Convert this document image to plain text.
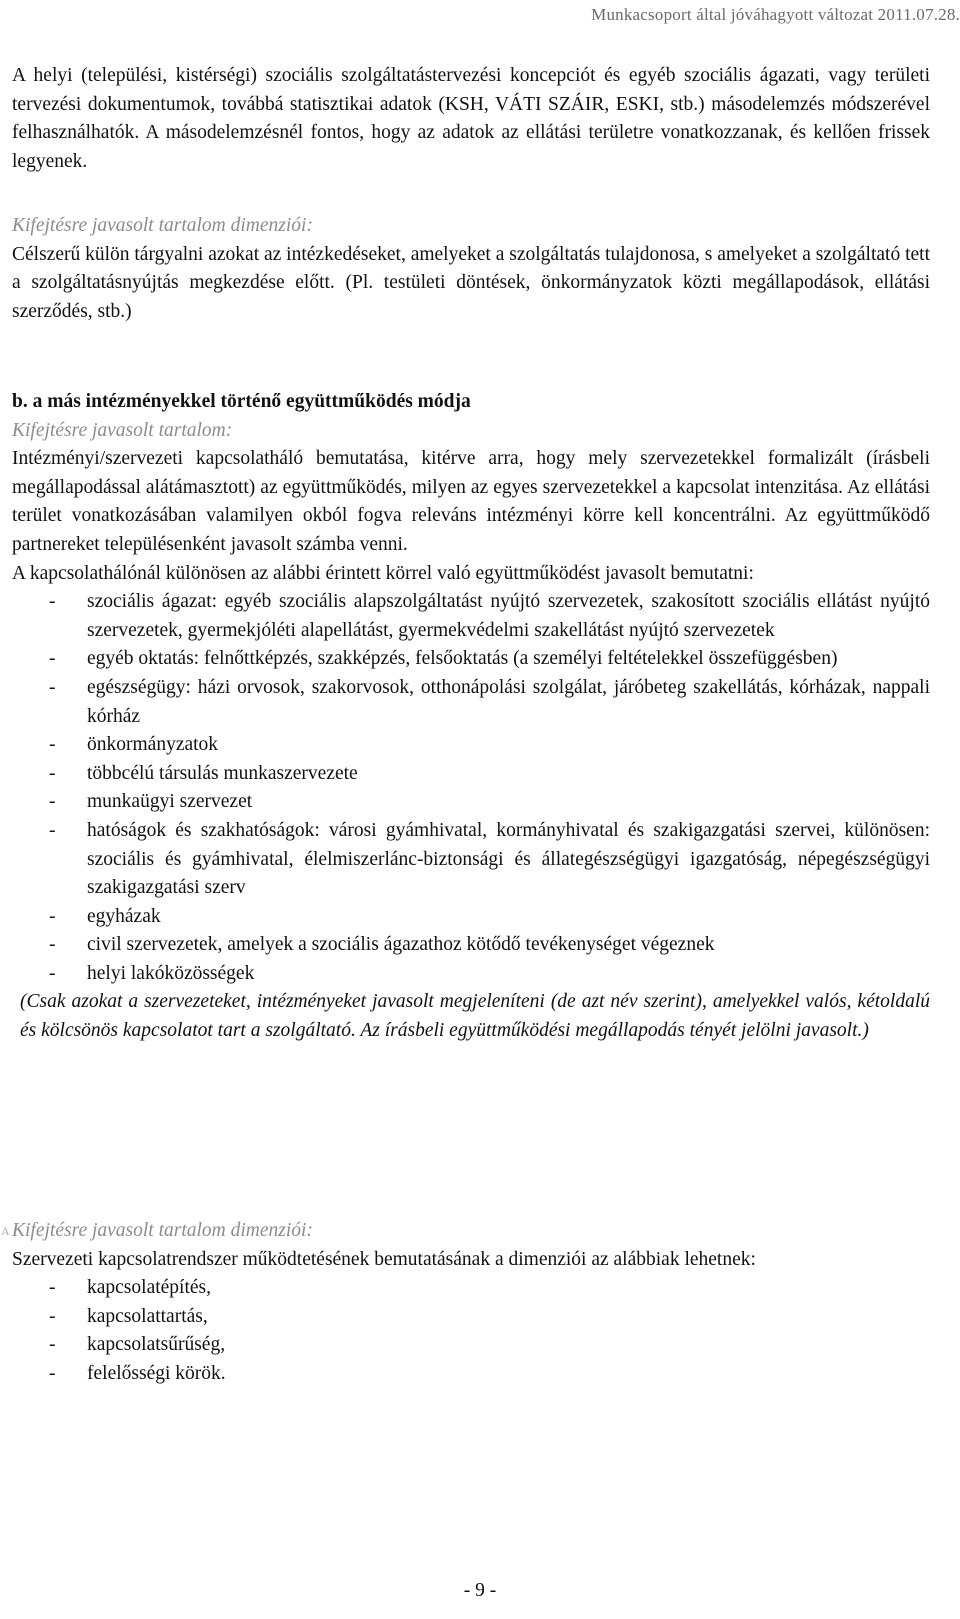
Munkacsoport által jóváhagyott változat 2011.07.28.

A helyi (települési, kistérségi) szociális szolgáltatástervezési koncepciót és egyéb szociális ágazati, vagy területi tervezési dokumentumok, továbbá statisztikai adatok (KSH, VÁTI SZÁIR, ESKI, stb.) másodelemzés módszerével felhasználhatók. A másodelemzésnél fontos, hogy az adatok az ellátási területre vonatkozzanak, és kellően frissek legyenek.

Kifejtésre javasolt tartalom dimenziói:

Célszerű külön tárgyalni azokat az intézkedéseket, amelyeket a szolgáltatás tulajdonosa, s amelyeket a szolgáltató tett a szolgáltatásnyújtás megkezdése előtt. (Pl. testületi döntések, önkormányzatok közti megállapodások, ellátási szerződés, stb.)

b. a más intézményekkel történő együttműködés módja

Kifejtésre javasolt tartalom:

Intézményi/szervezeti kapcsolatháló bemutatása, kitérve arra, hogy mely szervezetekkel formalizált (írásbeli megállapodással alátámasztott) az együttműködés, milyen az egyes szervezetekkel a kapcsolat intenzitása. Az ellátási terület vonatkozásában valamilyen okból fogva releváns intézményi körre kell koncentrálni. Az együttműködő partnereket településenként javasolt számba venni.

A kapcsolathálónál különösen az alábbi érintett körrel való együttműködést javasolt bemutatni:

- szociális ágazat: egyéb szociális alapszolgáltatást nyújtó szervezetek, szakosított szociális ellátást nyújtó szervezetek, gyermekjóléti alapellátást, gyermekvédelmi szakellátást nyújtó szervezetek
- egyéb oktatás: felnőttképzés, szakképzés, felsőoktatás (a személyi feltételekkel összefüggésben)
- egészségügy: házi orvosok, szakorvosok, otthonápolási szolgálat, járóbeteg szakellátás, kórházak, nappali kórház
- önkormányzatok
- többcélú társulás munkaszervezete
- munkaügyi szervezet
- hatóságok és szakhatóságok: városi gyámhivatal, kormányhivatal és szakigazgatási szervei, különösen: szociális és gyámhivatal, élelmiszerlánc-biztonsági és állategészségügyi igazgatóság, népegészségügyi szakigazgatási szerv
- egyházak
- civil szervezetek, amelyek a szociális ágazathoz kötődő tevékenységet végeznek
- helyi lakóközösségek

(Csak azokat a szervezeteket, intézményeket javasolt megjeleníteni (de azt név szerint), amelyekkel valós, kétoldalú és kölcsönös kapcsolatot tart a szolgáltató. Az írásbeli együttműködési megállapodás tényét jelölni javasolt.)

A Kifejtésre javasolt tartalom dimenziói:

Szervezeti kapcsolatrendszer működtetésének bemutatásának a dimenziói az alábbiak lehetnek:

- kapcsolatépítés,
- kapcsolattartás,
- kapcsolatsűrűség,
- felelősségi körök.
- 9 -
